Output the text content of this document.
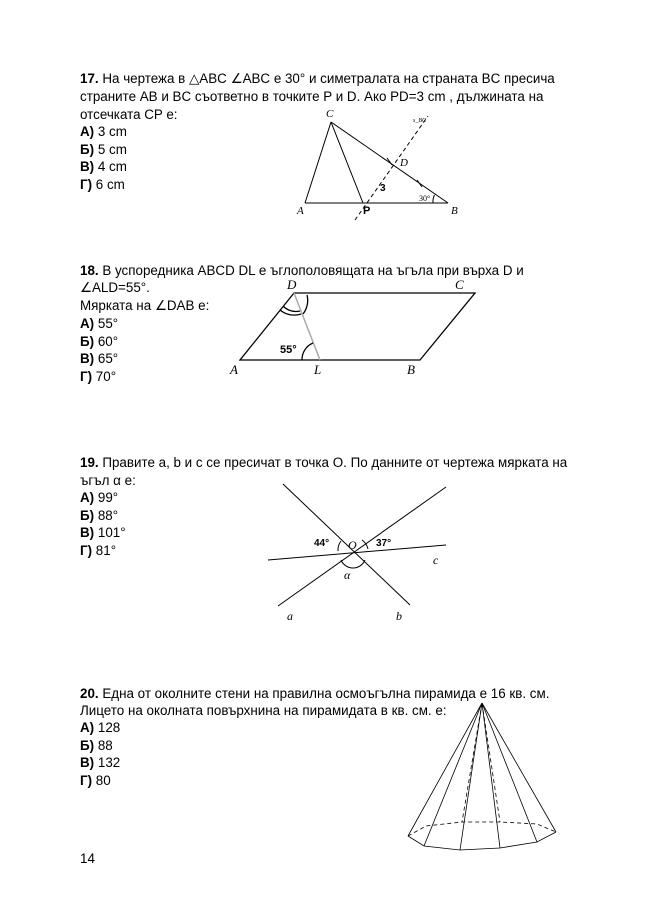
17. На чертежа в △ABC ∠ABC е 30° и симетралата на страната BC пресича
страните AB и BC съответно в точките P и D. Ако PD=3 cm , дължината на
отсечката CP е:
А) 3 cm
Б) 5 cm
В) 4 cm
Г) 6 cm
C
A	B
D
P
3
30°
s_BC
18. В успоредника ABCD DL е ъглополовящата на ъгъла при върха D и
∠ALD=55°.
Мярката на ∠DAB е:
А) 55°
Б) 60°
В) 65°
Г) 70°
D	C
A	L	B
55°
19. Правите a, b и c се пресичат в точка O. По данните от чертежа мярката на
ъгъл α е:
А) 99°
Б) 88°
В) 101°
Г) 81°	O
a	b
c
α
44°	37°
20. Една от околните стени на правилна осмоъгълна пирамида е 16 кв. см.
Лицето на околната повърхнина на пирамидата в кв. см. е:
А) 128
Б) 88
В) 132
Г) 80
14
